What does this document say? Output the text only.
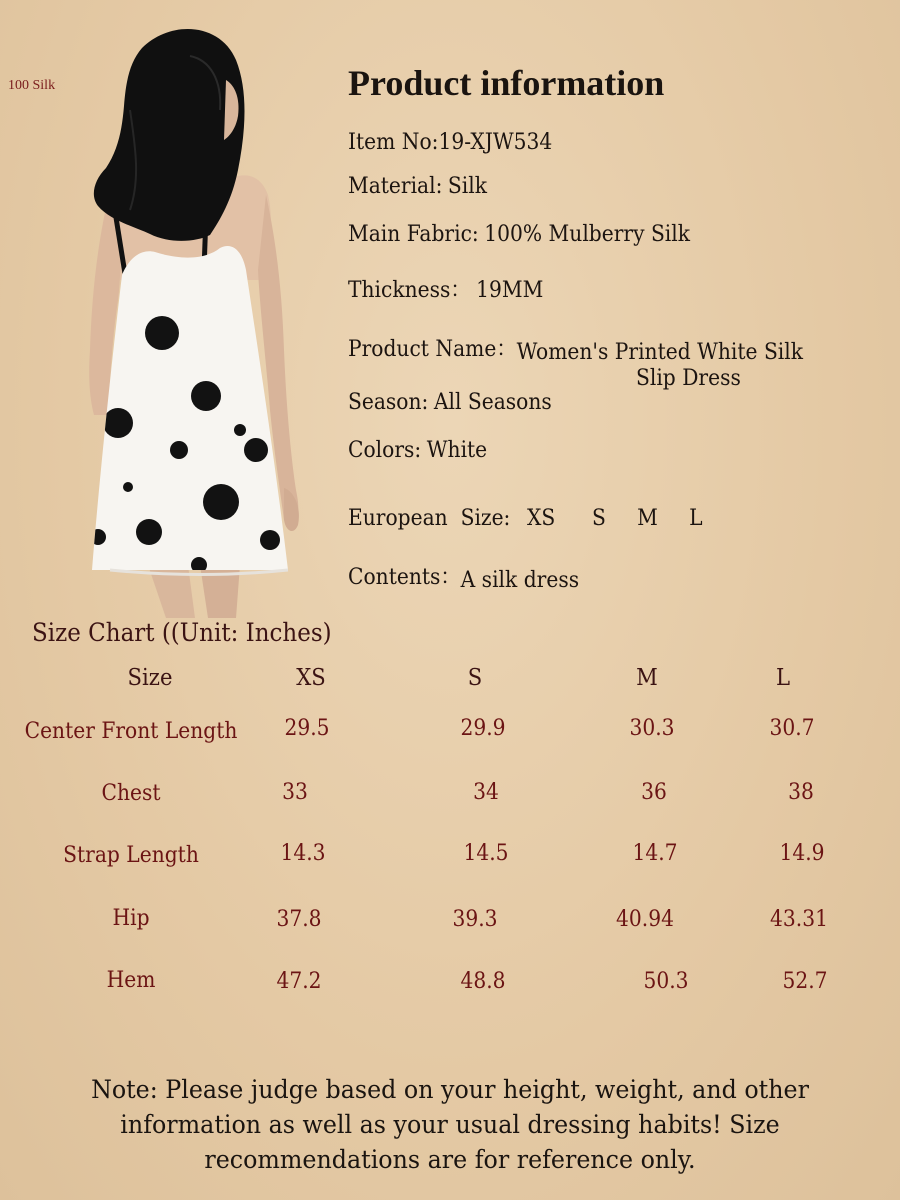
100 Silk	Product information
Item No:19-XJW534
Material: Silk
Main Fabric: 100% Mulberry Silk
Thickness： 19MM
Product Name：Women's Printed White Silk
Slip Dress
Season: All Seasons
Colors: White
European  Size: XS S M L
Contents：A silk dress
Size Chart ((Unit: Inches)
Size	XS	S	M	L
Center Front Length 29.5	29.9	30.3	30.7
Chest	33	34	36	38
Strap Length	14.3	14.5	14.7	14.9
Hip	37.8	39.3	40.94	43.31
Hem	47.2	48.8	50.3	52.7
Note: Please judge based on your height, weight, and other information as well as your usual dressing habits! Size recommendations are for reference only.
